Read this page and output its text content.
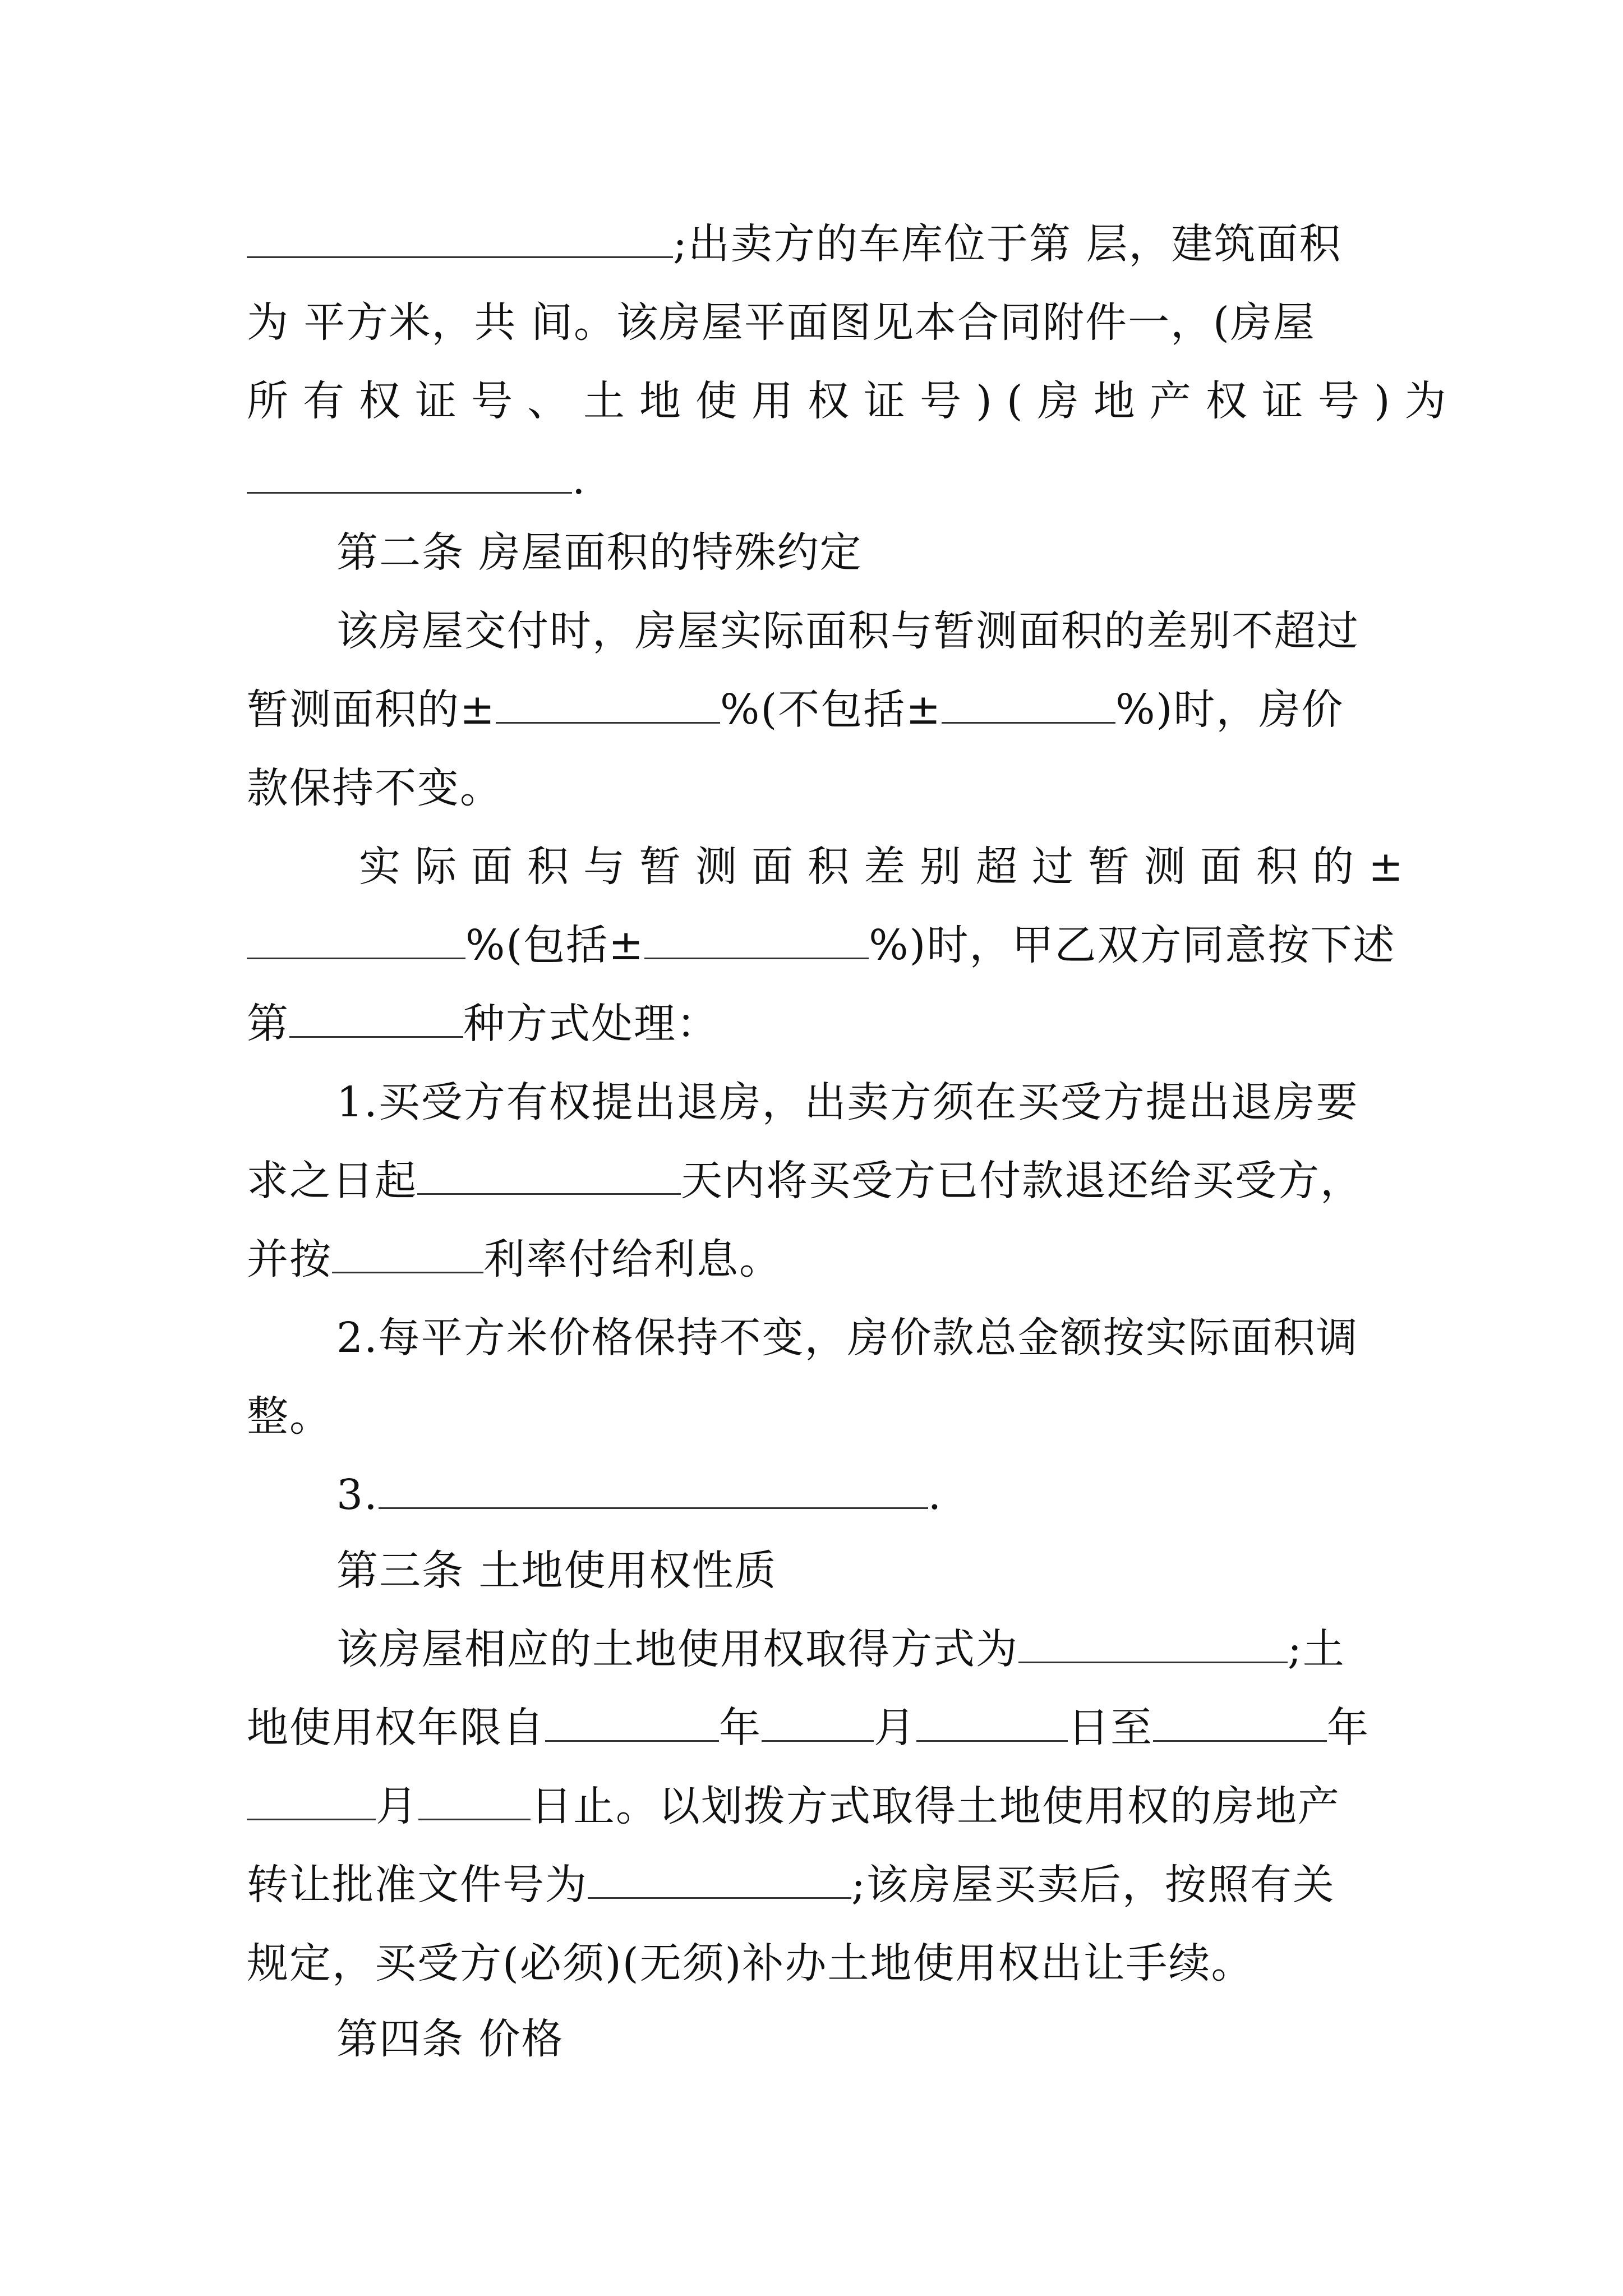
;出卖方的车库位于第 层，建筑面积
为 平方米，共 间。该房屋平面图见本合同附件一，(房屋
所有权证号、土地使用权证号)(房地产权证号)为
.
第二条 房屋面积的特殊约定
该房屋交付时，房屋实际面积与暂测面积的差别不超过
暂测面积的±	%(不包括±	%)时，房价
款保持不变。
实际面积与暂测面积差别超过暂测面积的±
%(包括±	%)时，甲乙双方同意按下述
第	种方式处理：
1.买受方有权提出退房，出卖方须在买受方提出退房要
求之日起	天内将买受方已付款退还给买受方，
并按	利率付给利息。
2.每平方米价格保持不变，房价款总金额按实际面积调
整。
3.	.
第三条 土地使用权性质
该房屋相应的土地使用权取得方式为	;土
地使用权年限自	年	月	日至	年
月	日止。以划拨方式取得土地使用权的房地产
转让批准文件号为	;该房屋买卖后，按照有关
规定，买受方(必须)(无须)补办土地使用权出让手续。
第四条 价格
